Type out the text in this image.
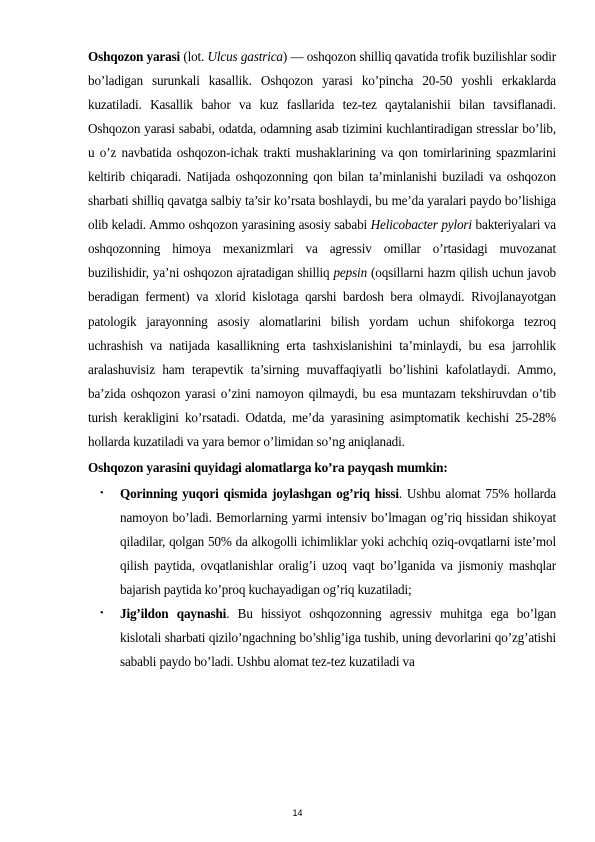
Oshqozon yarasi (lot. Ulcus gastrica) — oshqozon shilliq qavatida trofik buzilishlar sodir bo’ladigan surunkali kasallik. Oshqozon yarasi ko’pincha 20-50 yoshli erkaklarda kuzatiladi. Kasallik bahor va kuz fasllarida tez-tez qaytalanishii bilan tavsiflanadi. Oshqozon yarasi sababi, odatda, odamning asab tizimini kuchlantiradigan stresslar bo’lib, u o’z navbatida oshqozon-ichak trakti mushaklarining va qon tomirlarining spazmlarini keltirib chiqaradi. Natijada oshqozonning qon bilan ta’minlanishi buziladi va oshqozon sharbati shilliq qavatga salbiy ta’sir ko’rsata boshlaydi, bu me’da yaralari paydo bo’lishiga olib keladi. Ammo oshqozon yarasining asosiy sababi Helicobacter pylori bakteriyalari va oshqozonning himoya mexanizmlari va agressiv omillar o’rtasidagi muvozanat buzilishidir, ya’ni oshqozon ajratadigan shilliq pepsin (oqsillarni hazm qilish uchun javob beradigan ferment) va xlorid kislotaga qarshi bardosh bera olmaydi. Rivojlanayotgan patologik jarayonning asosiy alomatlarini bilish yordam uchun shifokorga tezroq uchrashish va natijada kasallikning erta tashxislanishini ta’minlaydi, bu esa jarrohlik aralashuvisiz ham terapevtik ta’sirning muvaffaqiyatli bo’lishini kafolatlaydi. Ammo, ba’zida oshqozon yarasi o’zini namoyon qilmaydi, bu esa muntazam tekshiruvdan o’tib turish kerakligini ko’rsatadi. Odatda, me’da yarasining asimptomatik kechishi 25-28% hollarda kuzatiladi va yara bemor o’limidan so’ng aniqlanadi.

Oshqozon yarasini quyidagi alomatlarga ko’ra payqash mumkin:

• Qorinning yuqori qismida joylashgan og’riq hissi. Ushbu alomat 75% hollarda namoyon bo’ladi. Bemorlarning yarmi intensiv bo’lmagan og’riq hissidan shikoyat qiladilar, qolgan 50% da alkogolli ichimliklar yoki achchiq oziq-ovqatlarni iste’mol qilish paytida, ovqatlanishlar oralig’i uzoq vaqt bo’lganida va jismoniy mashqlar bajarish paytida ko’proq kuchayadigan og’riq kuzatiladi;
• Jig’ildon qaynashi. Bu hissiyot oshqozonning agressiv muhitga ega bo’lgan kislotali sharbati qizilo’ngachning bo’shlig’iga tushib, uning devorlarini qo’zg’atishi sababli paydo bo’ladi. Ushbu alomat tez-tez kuzatiladi va
14
